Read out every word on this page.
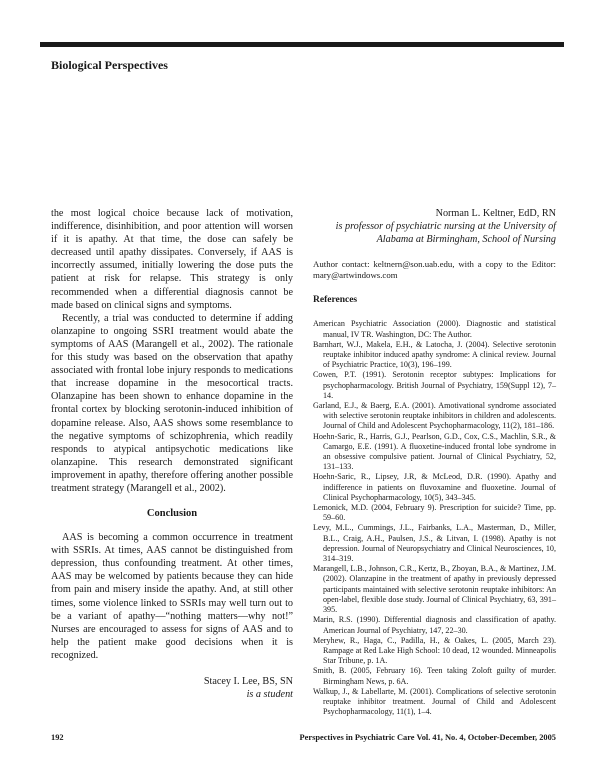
Biological Perspectives

the most logical choice because lack of motivation, indifference, disinhibition, and poor attention will worsen if it is apathy. At that time, the dose can safely be decreased until apathy dissipates. Conversely, if AAS is incorrectly assumed, initially lowering the dose puts the patient at risk for relapse. This strategy is only recommended when a differential diagnosis cannot be made based on clinical signs and symptoms.

Recently, a trial was conducted to determine if adding olanzapine to ongoing SSRI treatment would abate the symptoms of AAS (Marangell et al., 2002). The rationale for this study was based on the observation that apathy associated with frontal lobe injury responds to medications that increase dopamine in the mesocortical tracts. Olanzapine has been shown to enhance dopamine in the frontal cortex by blocking serotonin-induced inhibition of dopamine release. Also, AAS shows some resemblance to the negative symptoms of schizophrenia, which readily responds to atypical antipsychotic medications like olanzapine. This research demonstrated significant improvement in apathy, therefore offering another possible treatment strategy (Marangell et al., 2002).

Conclusion

AAS is becoming a common occurrence in treatment with SSRIs. At times, AAS cannot be distinguished from depression, thus confounding treatment. At other times, AAS may be welcomed by patients because they can hide from pain and misery inside the apathy. And, at still other times, some violence linked to SSRIs may well turn out to be a variant of apathy—“nothing matters—why not!” Nurses are encouraged to assess for signs of AAS and to help the patient make good decisions when it is recognized.

Stacey I. Lee, BS, SN
is a student
Norman L. Keltner, EdD, RN
is professor of psychiatric nursing at the University of Alabama at Birmingham, School of Nursing
Author contact: keltnern@son.uab.edu, with a copy to the Editor: mary@artwindows.com
References
American Psychiatric Association (2000). Diagnostic and statistical manual, IV TR. Washington, DC: The Author.
Barnhart, W.J., Makela, E.H., & Latocha, J. (2004). Selective serotonin reuptake inhibitor induced apathy syndrome: A clinical review. Journal of Psychiatric Practice, 10(3), 196–199.
Cowen, P.T. (1991). Serotonin receptor subtypes: Implications for psychopharmacology. British Journal of Psychiatry, 159(Suppl 12), 7–14.
Garland, E.J., & Baerg, E.A. (2001). Amotivational syndrome associated with selective serotonin reuptake inhibitors in children and adolescents. Journal of Child and Adolescent Psychopharmacology, 11(2), 181–186.
Hoehn-Saric, R., Harris, G.J., Pearlson, G.D., Cox, C.S., Machlin, S.R., & Camargo, E.E. (1991). A fluoxetine-induced frontal lobe syndrome in an obsessive compulsive patient. Journal of Clinical Psychiatry, 52, 131–133.
Hoehn-Saric, R., Lipsey, J.R, & McLeod, D.R. (1990). Apathy and indifference in patients on fluvoxamine and fluoxetine. Journal of Clinical Psychopharmacology, 10(5), 343–345.
Lemonick, M.D. (2004, February 9). Prescription for suicide? Time, pp. 59–60.
Levy, M.L., Cummings, J.L., Fairbanks, L.A., Masterman, D., Miller, B.L., Craig, A.H., Paulsen, J.S., & Litvan, I. (1998). Apathy is not depression. Journal of Neuropsychiatry and Clinical Neurosciences, 10, 314–319.
Marangell, L.B., Johnson, C.R., Kertz, B., Zboyan, B.A., & Martinez, J.M. (2002). Olanzapine in the treatment of apathy in previously depressed participants maintained with selective serotonin reuptake inhibitors: An open-label, flexible dose study. Journal of Clinical Psychiatry, 63, 391–395.
Marin, R.S. (1990). Differential diagnosis and classification of apathy. American Journal of Psychiatry, 147, 22–30.
Meryhew, R., Haga, C., Padilla, H., & Oakes, L. (2005, March 23). Rampage at Red Lake High School: 10 dead, 12 wounded. Minneapolis Star Tribune, p. 1A.
Smith, B. (2005, February 16). Teen taking Zoloft guilty of murder. Birmingham News, p. 6A.
Walkup, J., & Labellarte, M. (2001). Complications of selective serotonin reuptake inhibitor treatment. Journal of Child and Adolescent Psychopharmacology, 11(1), 1–4.
192	Perspectives in Psychiatric Care Vol. 41, No. 4, October-December, 2005
